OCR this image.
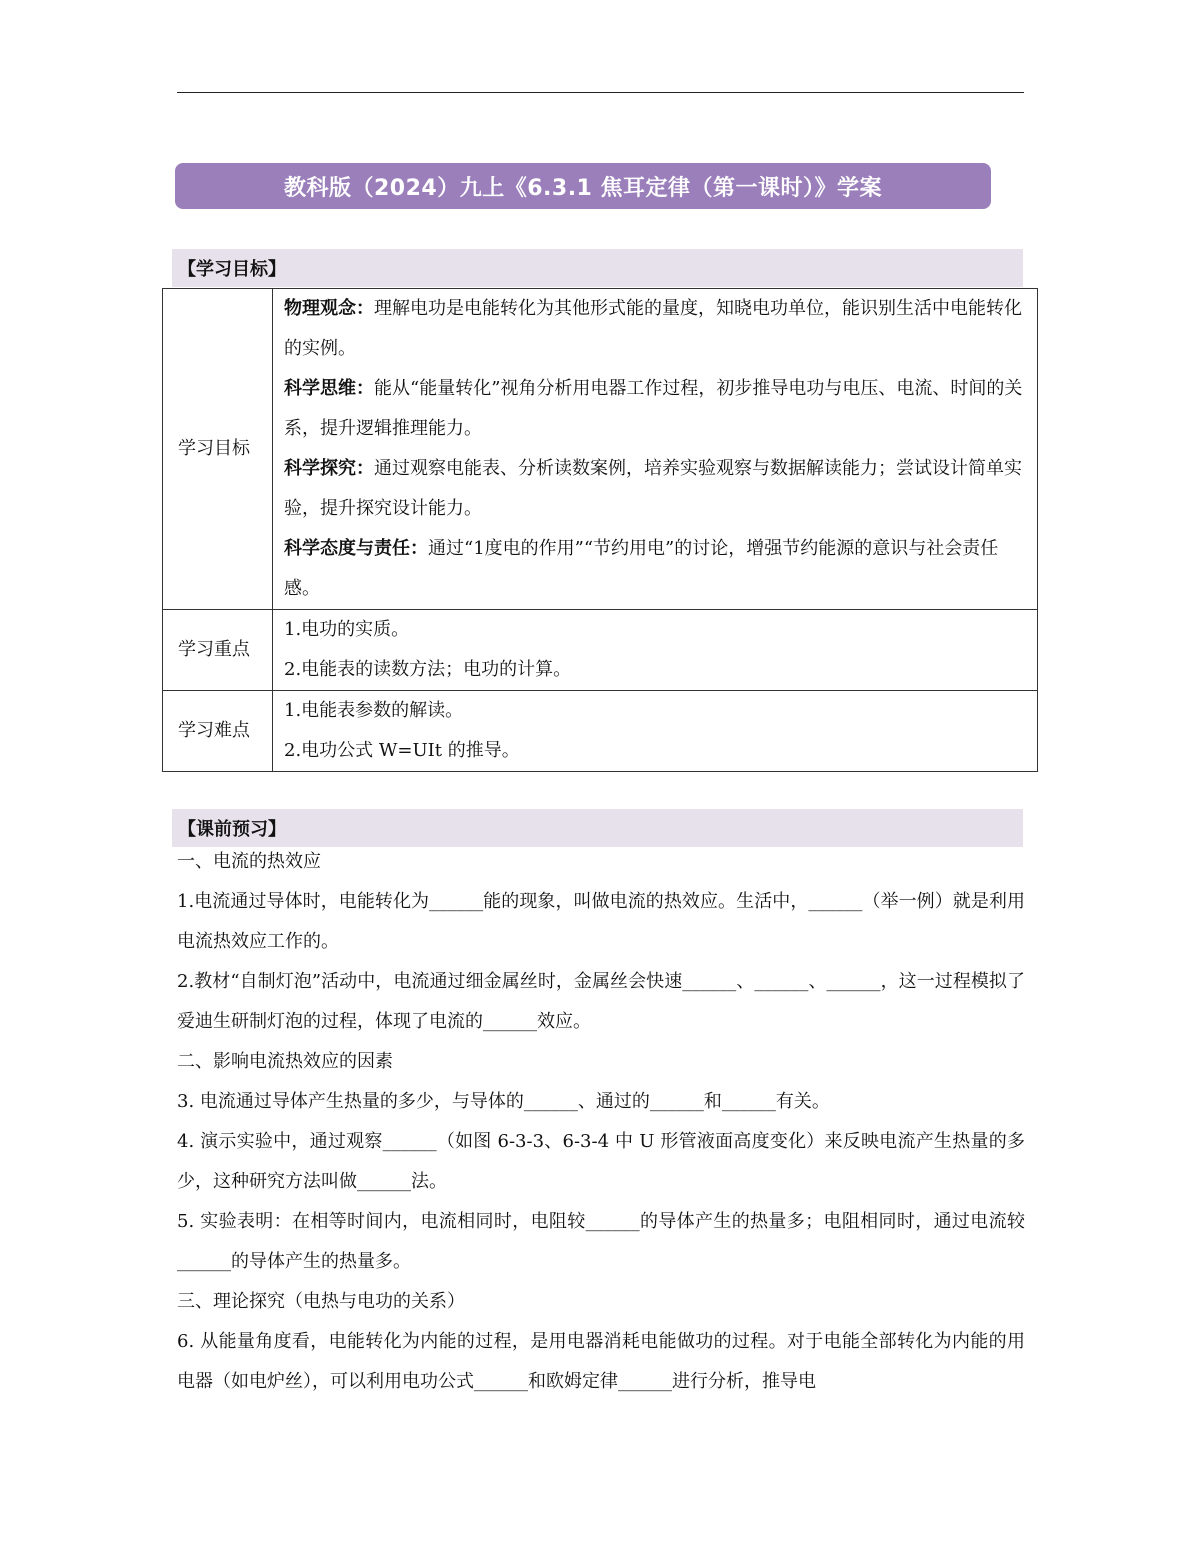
教科版（2024）九上《6.3.1 焦耳定律（第一课时）》学案
【学习目标】
学习目标	物理观念：理解电功是电能转化为其他形式能的量度，知晓电功单位，能识别生活中电能转化的实例。
科学思维：能从“能量转化”视角分析用电器工作过程，初步推导电功与电压、电流、时间的关系，提升逻辑推理能力。
科学探究：通过观察电能表、分析读数案例，培养实验观察与数据解读能力；尝试设计简单实验，提升探究设计能力。
科学态度与责任：通过“1度电的作用”“节约用电”的讨论，增强节约能源的意识与社会责任感。

学习重点	1.电功的实质。
2.电能表的读数方法；电功的计算。

学习难点	1.电能表参数的解读。
2.电功公式 W=UIt 的推导。
【课前预习】

一、电流的热效应

1.电流通过导体时，电能转化为______能的现象，叫做电流的热效应。生活中，______（举一例）就是利用电流热效应工作的。

2.教材“自制灯泡”活动中，电流通过细金属丝时，金属丝会快速______、______、______，这一过程模拟了爱迪生研制灯泡的过程，体现了电流的______效应。

二、影响电流热效应的因素

3. 电流通过导体产生热量的多少，与导体的______、通过的______和______有关。

4. 演示实验中，通过观察______（如图 6-3-3、6-3-4 中 U 形管液面高度变化）来反映电流产生热量的多少，这种研究方法叫做______法。

5. 实验表明：在相等时间内，电流相同时，电阻较______的导体产生的热量多；电阻相同时，通过电流较______的导体产生的热量多。

三、理论探究（电热与电功的关系）

6. 从能量角度看，电能转化为内能的过程，是用电器消耗电能做功的过程。对于电能全部转化为内能的用电器（如电炉丝），可以利用电功公式______和欧姆定律______进行分析，推导电
